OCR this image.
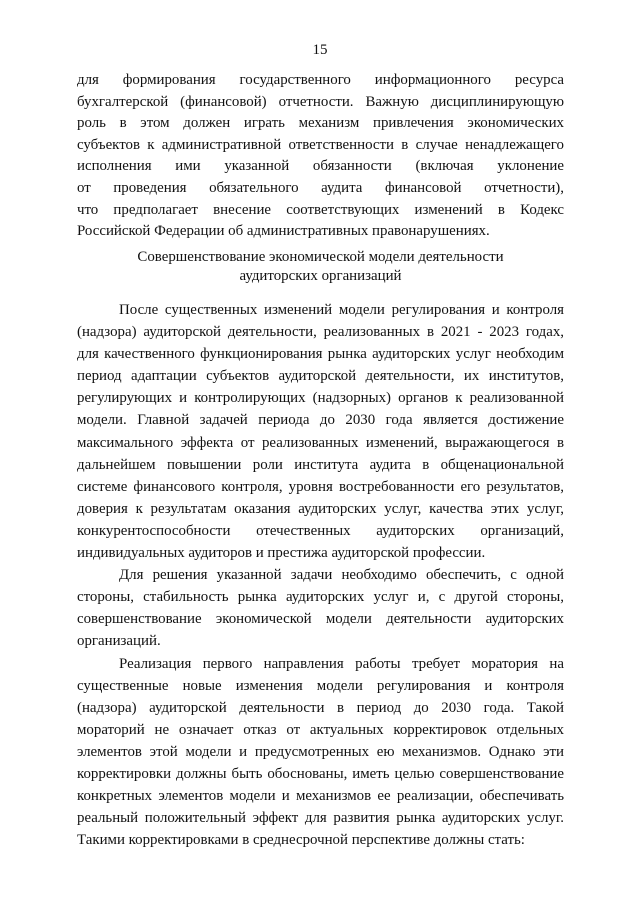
15

для формирования государственного информационного ресурса

бухгалтерской (финансовой) отчетности. Важную дисциплинирующую

роль в этом должен играть механизм привлечения экономических

субъектов к административной ответственности в случае ненадлежащего

исполнения ими указанной обязанности (включая уклонение

от проведения обязательного аудита финансовой отчетности),

что предполагает внесение соответствующих изменений в Кодекс

Российской Федерации об административных правонарушениях.

Совершенствование экономической модели деятельности

аудиторских организаций

После существенных изменений модели регулирования и контроля (надзора) аудиторской деятельности, реализованных в 2021 - 2023 годах, для качественного функционирования рынка аудиторских услуг необходим период адаптации субъектов аудиторской деятельности, их институтов, регулирующих и контролирующих (надзорных) органов к реализованной модели. Главной задачей периода до 2030 года является достижение максимального эффекта от реализованных изменений, выражающегося в дальнейшем повышении роли института аудита в общенациональной системе финансового контроля, уровня востребованности его результатов, доверия к результатам оказания аудиторских услуг, качества этих услуг, конкурентоспособности отечественных аудиторских организаций, индивидуальных аудиторов и престижа аудиторской профессии.

Для решения указанной задачи необходимо обеспечить, с одной стороны, стабильность рынка аудиторских услуг и, с другой стороны, совершенствование экономической модели деятельности аудиторских организаций.

Реализация первого направления работы требует моратория на существенные новые изменения модели регулирования и контроля (надзора) аудиторской деятельности в период до 2030 года. Такой мораторий не означает отказ от актуальных корректировок отдельных элементов этой модели и предусмотренных ею механизмов. Однако эти корректировки должны быть обоснованы, иметь целью совершенствование конкретных элементов модели и механизмов ее реализации, обеспечивать реальный положительный эффект для развития рынка аудиторских услуг. Такими корректировками в среднесрочной перспективе должны стать:
